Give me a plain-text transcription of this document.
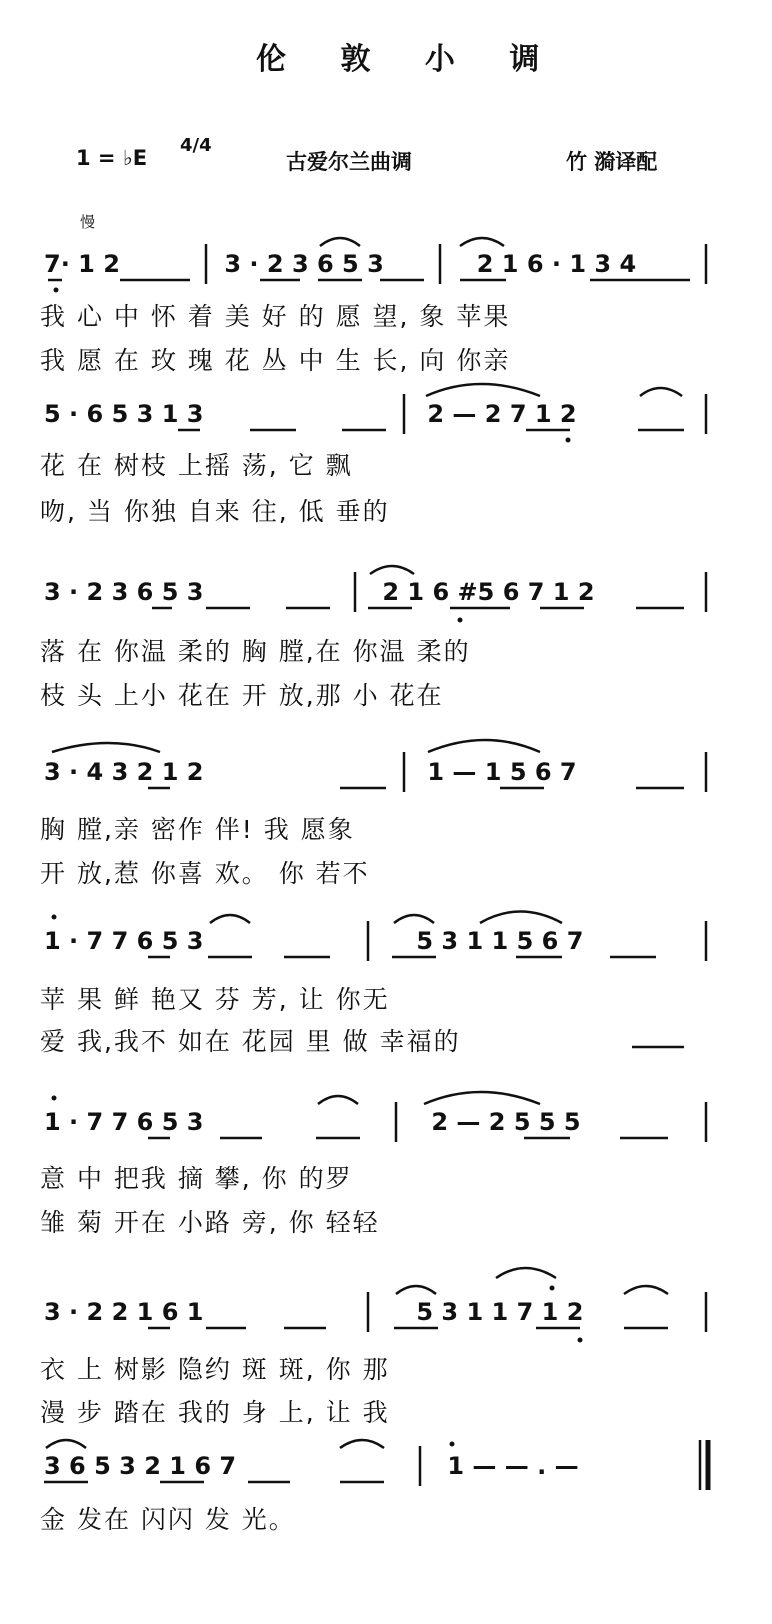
伦 敦 小 调
1 = ♭E
4/4
古爱尔兰曲调	竹 漪译配
慢
7· 1 2	3 · 2 3 6 5 3	2 1 6 · 1 3 4
我 心 中 怀 着 美 好 的 愿 望, 象 苹果
我 愿 在 玫 瑰 花 丛 中 生 长, 向 你亲
5 · 6 5 3 1 3	2 — 2 7 1 2
花 在 树枝 上摇 荡, 它 飘
吻, 当 你独 自来 往, 低 垂的
3 · 2 3 6 5 3	2 1 6 #5 6 7 1 2
落 在 你温 柔的 胸 膛,在 你温 柔的
枝 头 上小 花在 开 放,那 小 花在
3 · 4 3 2 1 2	1 — 1 5 6 7
胸 膛,亲 密作 伴! 我 愿象
开 放,惹 你喜 欢。 你 若不
1 · 7 7 6 5 3	5 3 1 1 5 6 7
苹 果 鲜 艳又 芬 芳, 让 你无
爱 我,我不 如在 花园 里 做 幸福的
1 · 7 7 6 5 3	2 — 2 5 5 5
意 中 把我 摘 攀, 你 的罗
雏 菊 开在 小路 旁, 你 轻轻
3 · 2 2 1 6 1	5 3 1 1 7 1 2
衣 上 树影 隐约 斑 斑, 你 那
漫 步 踏在 我的 身 上, 让 我
3 6 5 3 2 1 6 7	1 — — . —
金 发在 闪闪 发 光。
